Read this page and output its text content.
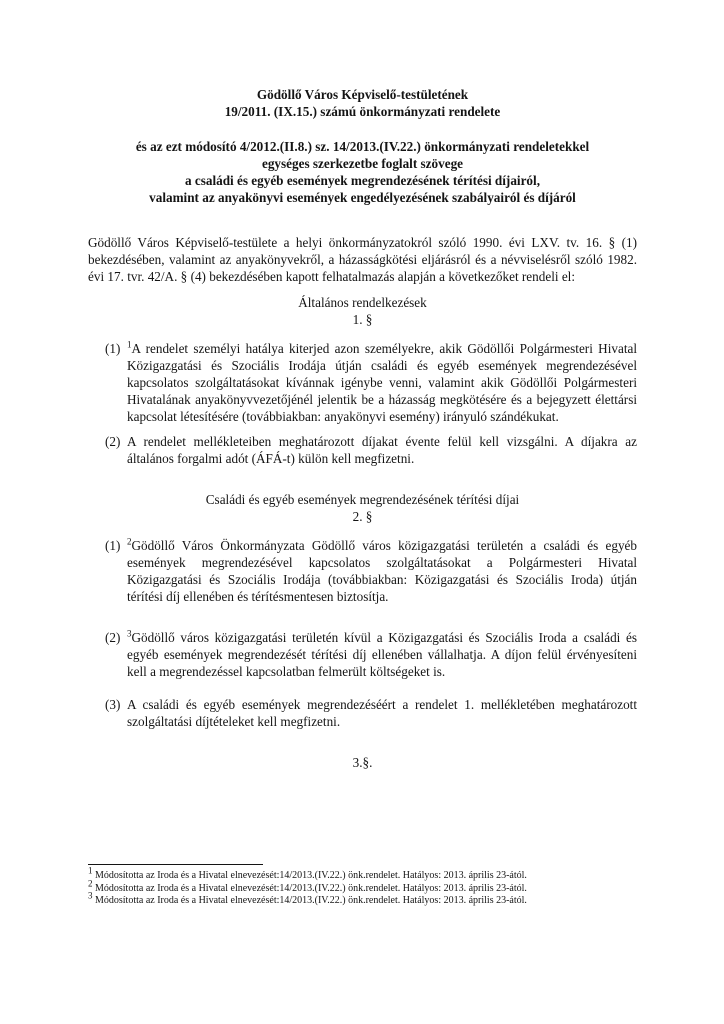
Gödöllő Város Képviselő-testületének
19/2011. (IX.15.) számú önkormányzati rendelete
és az ezt módosító 4/2012.(II.8.) sz. 14/2013.(IV.22.) önkormányzati rendeletekkel
egységes szerkezetbe foglalt szövege
a családi és egyéb események megrendezésének térítési díjairól,
valamint az anyakönyvi események engedélyezésének szabályairól és díjáról

Gödöllő Város Képviselő-testülete a helyi önkormányzatokról szóló 1990. évi LXV. tv. 16. § (1) bekezdésében, valamint az anyakönyvekről, a házasságkötési eljárásról és a névviselésről szóló 1982. évi 17. tvr. 42/A. § (4) bekezdésében kapott felhatalmazás alapján a következőket rendeli el:

Általános rendelkezések
1. §
(1) $^1$A rendelet személyi hatálya kiterjed azon személyekre, akik Gödöllői Polgármesteri Hivatal Közigazgatási és Szociális Irodája útján családi és egyéb események megrendezésével kapcsolatos szolgáltatásokat kívánnak igénybe venni, valamint akik Gödöllői Polgármesteri Hivatalának anyakönyvvezetőjénél jelentik be a házasság megkötésére és a bejegyzett élettársi kapcsolat létesítésére (továbbiakban: anyakönyvi esemény) irányuló szándékukat.
(2) A rendelet mellékleteiben meghatározott díjakat évente felül kell vizsgálni. A díjakra az általános forgalmi adót (ÁFÁ-t) külön kell megfizetni.
Családi és egyéb események megrendezésének térítési díjai
2. §
(1) $^2$Gödöllő Város Önkormányzata Gödöllő város közigazgatási területén a családi és egyéb események megrendezésével kapcsolatos szolgáltatásokat a Polgármesteri Hivatal Közigazgatási és Szociális Irodája (továbbiakban: Közigazgatási és Szociális Iroda) útján térítési díj ellenében és térítésmentesen biztosítja.
(2) $^3$Gödöllő város közigazgatási területén kívül a Közigazgatási és Szociális Iroda a családi és egyéb események megrendezését térítési díj ellenében vállalhatja. A díjon felül érvényesíteni kell a megrendezéssel kapcsolatban felmerült költségeket is.
(3) A családi és egyéb események megrendezéséért a rendelet 1. mellékletében meghatározott szolgáltatási díjtételeket kell megfizetni.
3.§.

$^1$ Módosította az Iroda és a Hivatal elnevezését:14/2013.(IV.22.) önk.rendelet. Hatályos: 2013. április 23-ától.

$^2$ Módosította az Iroda és a Hivatal elnevezését:14/2013.(IV.22.) önk.rendelet. Hatályos: 2013. április 23-ától.

$^3$ Módosította az Iroda és a Hivatal elnevezését:14/2013.(IV.22.) önk.rendelet. Hatályos: 2013. április 23-ától.
